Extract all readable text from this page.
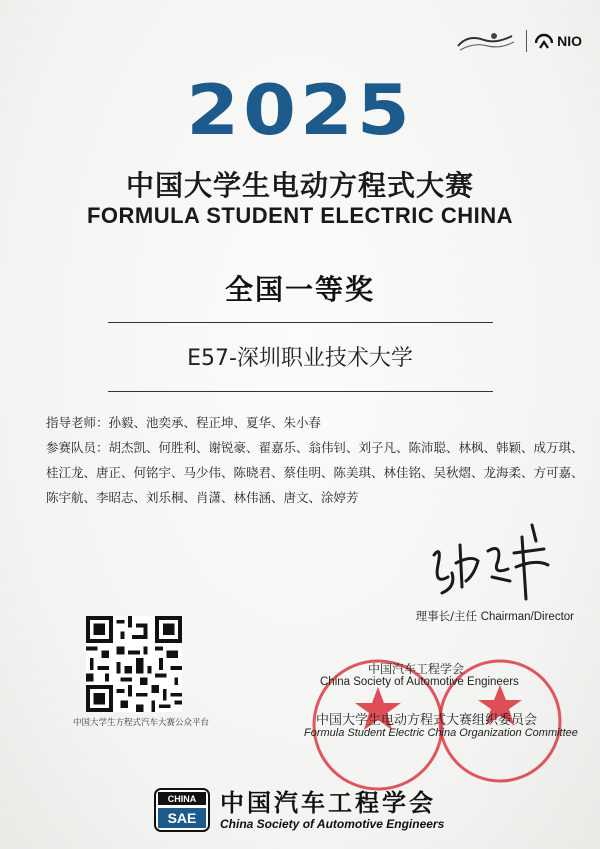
NIO
2025
中国大学生电动方程式大赛
FORMULA STUDENT ELECTRIC CHINA
全国一等奖
E57-深圳职业技术大学
指导老师：孙毅、池奕承、程正坤、夏华、朱小春
参赛队员：胡杰凯、何胜利、谢锐豪、翟嘉乐、翁伟钊、刘子凡、陈沛聪、林枫、韩颖、成万琪、
桂江龙、唐正、何铭宇、马少伟、陈晓君、蔡佳明、陈美琪、林佳铭、吴秋熠、龙海柔、方可嘉、
陈宇航、李昭志、刘乐桐、肖潇、林伟涵、唐文、涂婷芳
理事长/主任 Chairman/Director
中国大学生方程式汽车大赛公众平台
中国汽车工程学会
China Society of Automotive Engineers
中国大学生电动方程式大赛组织委员会
Formula Student Electric China Organization Committee
CHINA
SAE
中国汽车工程学会
China Society of Automotive Engineers
